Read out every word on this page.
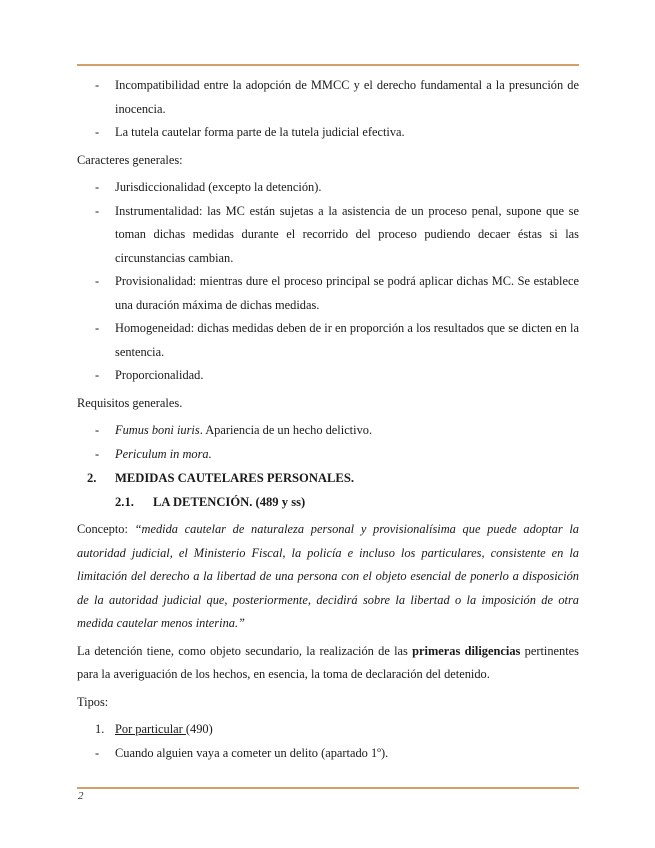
- Incompatibilidad entre la adopción de MMCC y el derecho fundamental a la presunción de inocencia.
- La tutela cautelar forma parte de la tutela judicial efectiva.
Caracteres generales:
- Jurisdiccionalidad (excepto la detención).
- Instrumentalidad: las MC están sujetas a la asistencia de un proceso penal, supone que se toman dichas medidas durante el recorrido del proceso pudiendo decaer éstas si las circunstancias cambian.
- Provisionalidad: mientras dure el proceso principal se podrá aplicar dichas MC. Se establece una duración máxima de dichas medidas.
- Homogeneidad: dichas medidas deben de ir en proporción a los resultados que se dicten en la sentencia.
- Proporcionalidad.
Requisitos generales.
- Fumus boni iuris. Apariencia de un hecho delictivo.
- Periculum in mora.
2. MEDIDAS CAUTELARES PERSONALES.
2.1. LA DETENCIÓN. (489 y ss)
Concepto: “medida cautelar de naturaleza personal y provisionalísima que puede adoptar la autoridad judicial, el Ministerio Fiscal, la policía e incluso los particulares, consistente en la limitación del derecho a la libertad de una persona con el objeto esencial de ponerlo a disposición de la autoridad judicial que, posteriormente, decidirá sobre la libertad o la imposición de otra medida cautelar menos interina.”
La detención tiene, como objeto secundario, la realización de las primeras diligencias pertinentes para la averiguación de los hechos, en esencia, la toma de declaración del detenido.
Tipos:
1. Por particular (490)
- Cuando alguien vaya a cometer un delito (apartado 1º).
2
